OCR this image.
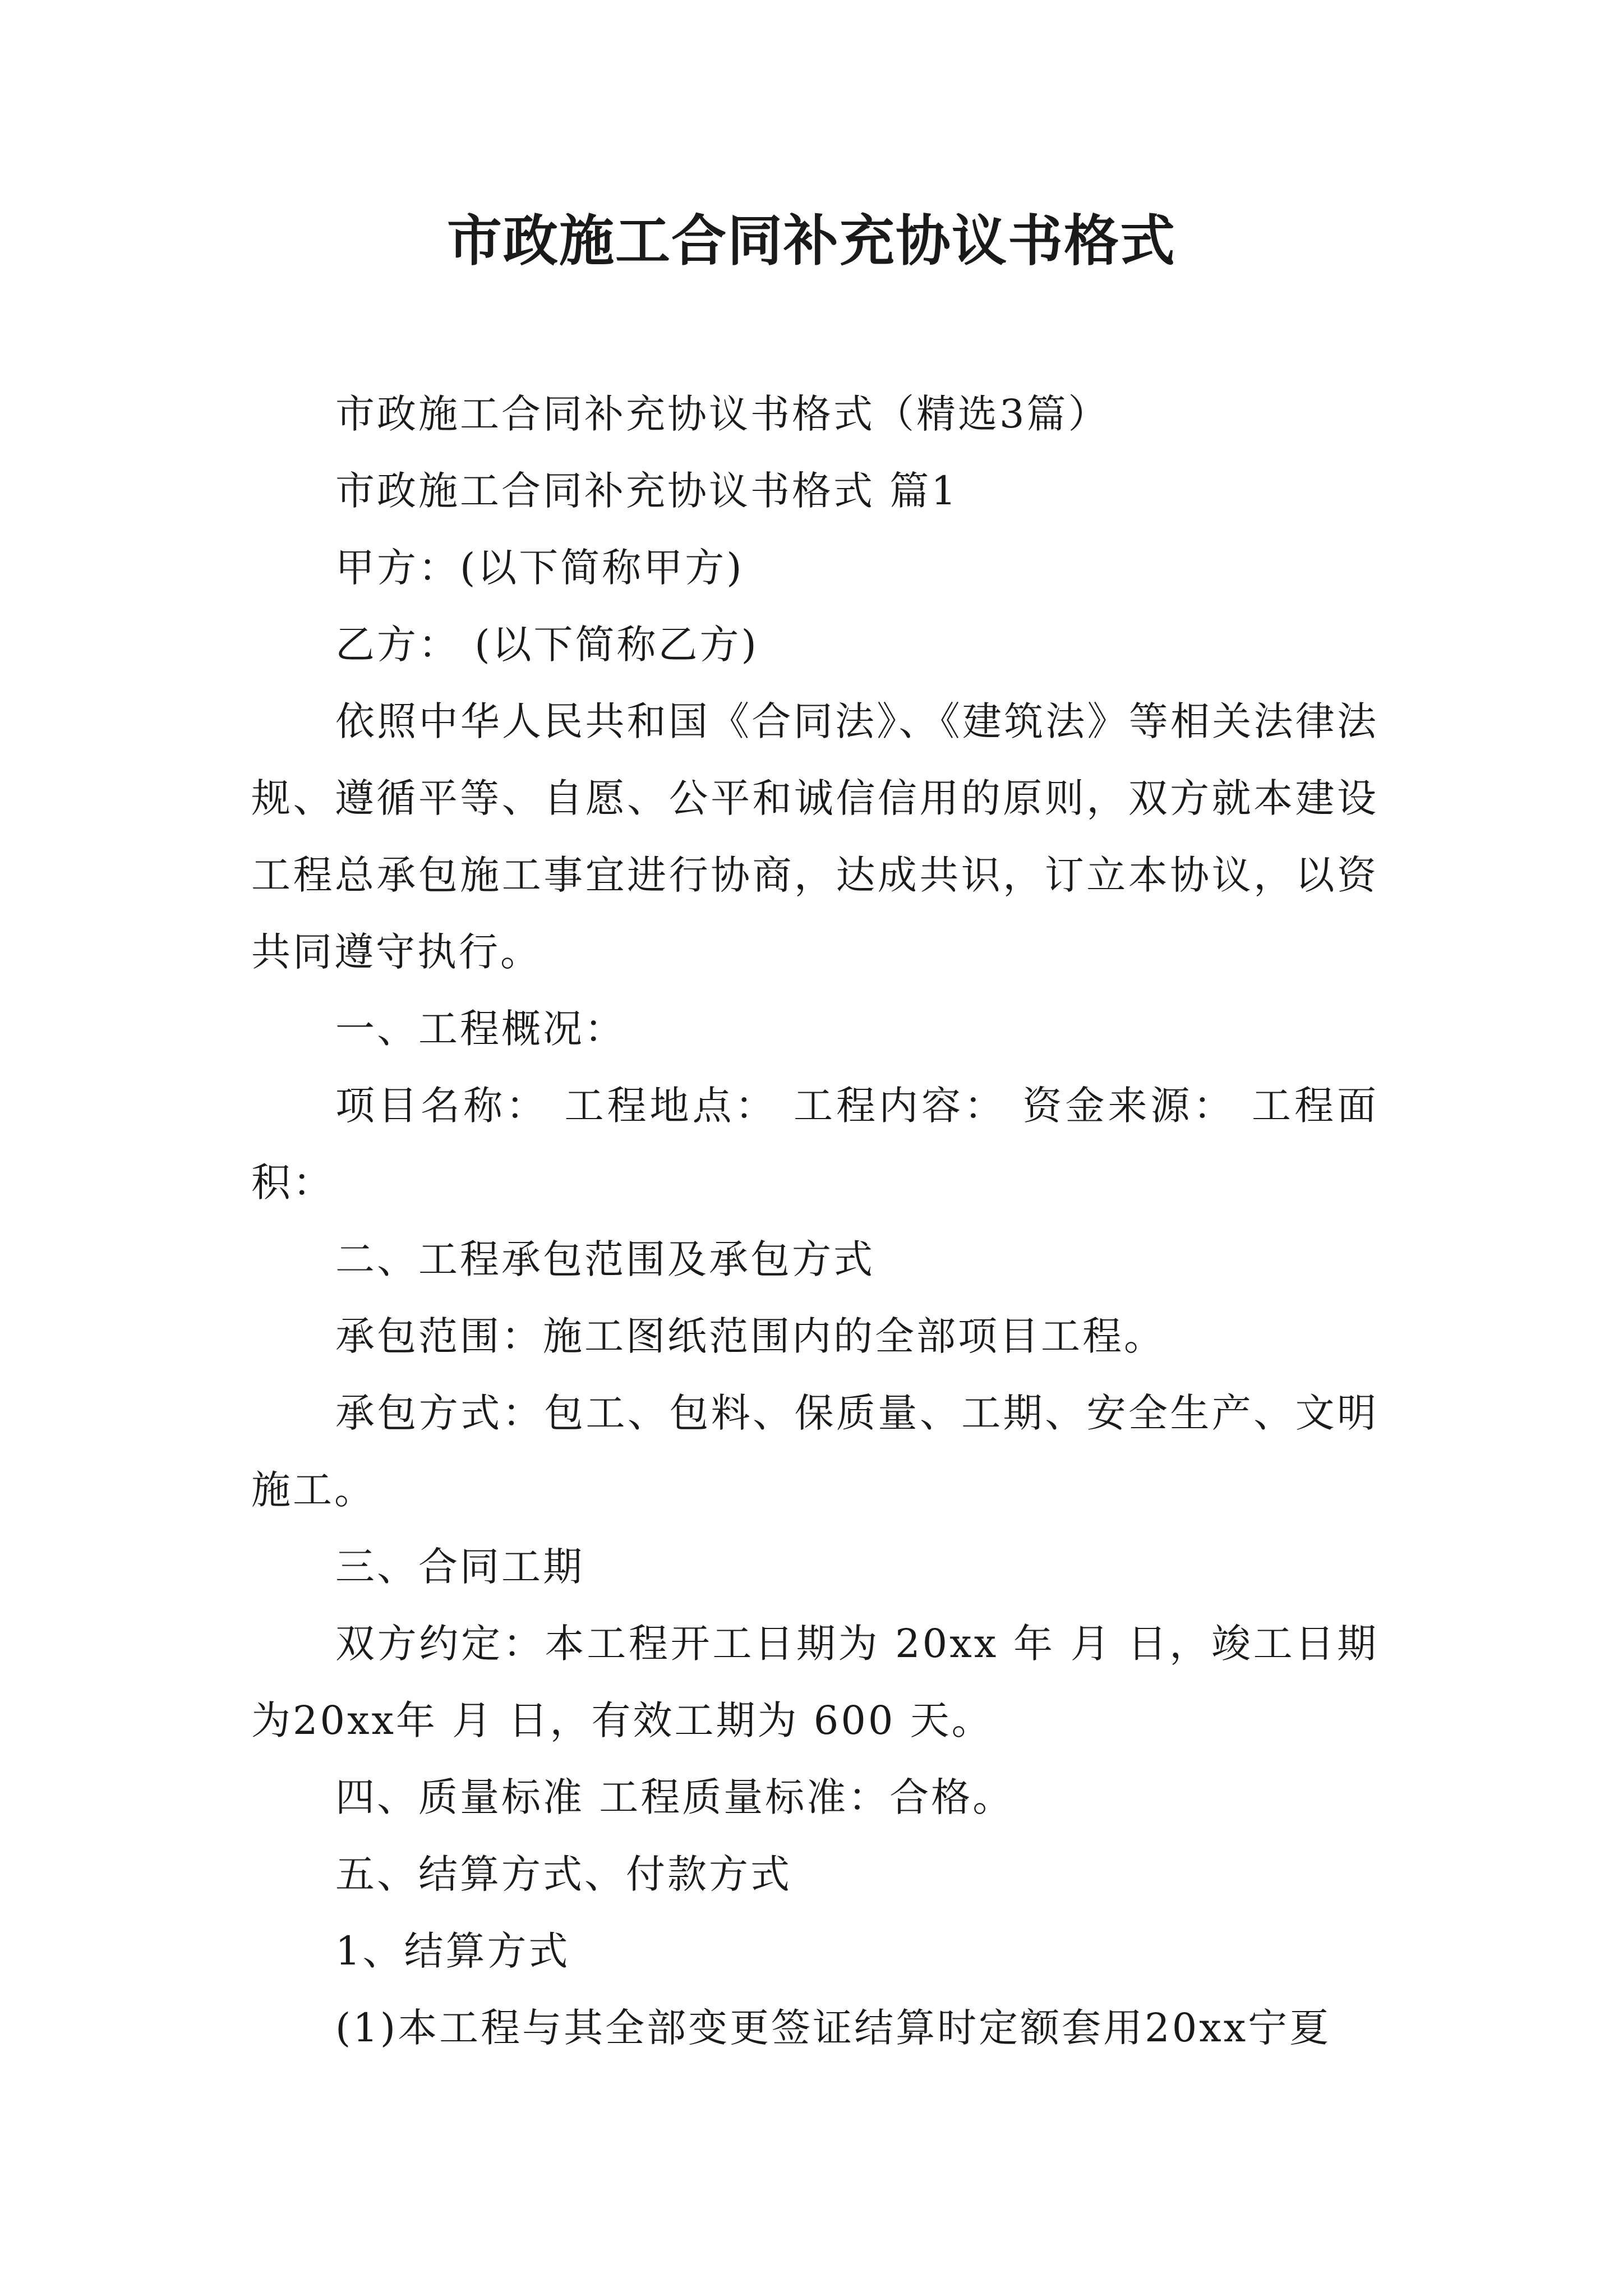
市政施工合同补充协议书格式

市政施工合同补充协议书格式（精选3篇）

市政施工合同补充协议书格式 篇1

甲方：(以下简称甲方)

乙方： (以下简称乙方)

依照中华人民共和国《合同法》、《建筑法》等相关法律法规、遵循平等、自愿、公平和诚信信用的原则，双方就本建设工程总承包施工事宜进行协商，达成共识，订立本协议，以资共同遵守执行。

一、工程概况：

项目名称： 工程地点： 工程内容： 资金来源： 工程面积：

二、工程承包范围及承包方式

承包范围：施工图纸范围内的全部项目工程。

承包方式：包工、包料、保质量、工期、安全生产、文明施工。

三、合同工期

双方约定：本工程开工日期为 20xx 年 月 日，竣工日期为20xx年 月 日，有效工期为 600 天。

四、质量标准 工程质量标准：合格。

五、结算方式、付款方式

1、结算方式

(1)本工程与其全部变更签证结算时定额套用20xx宁夏
